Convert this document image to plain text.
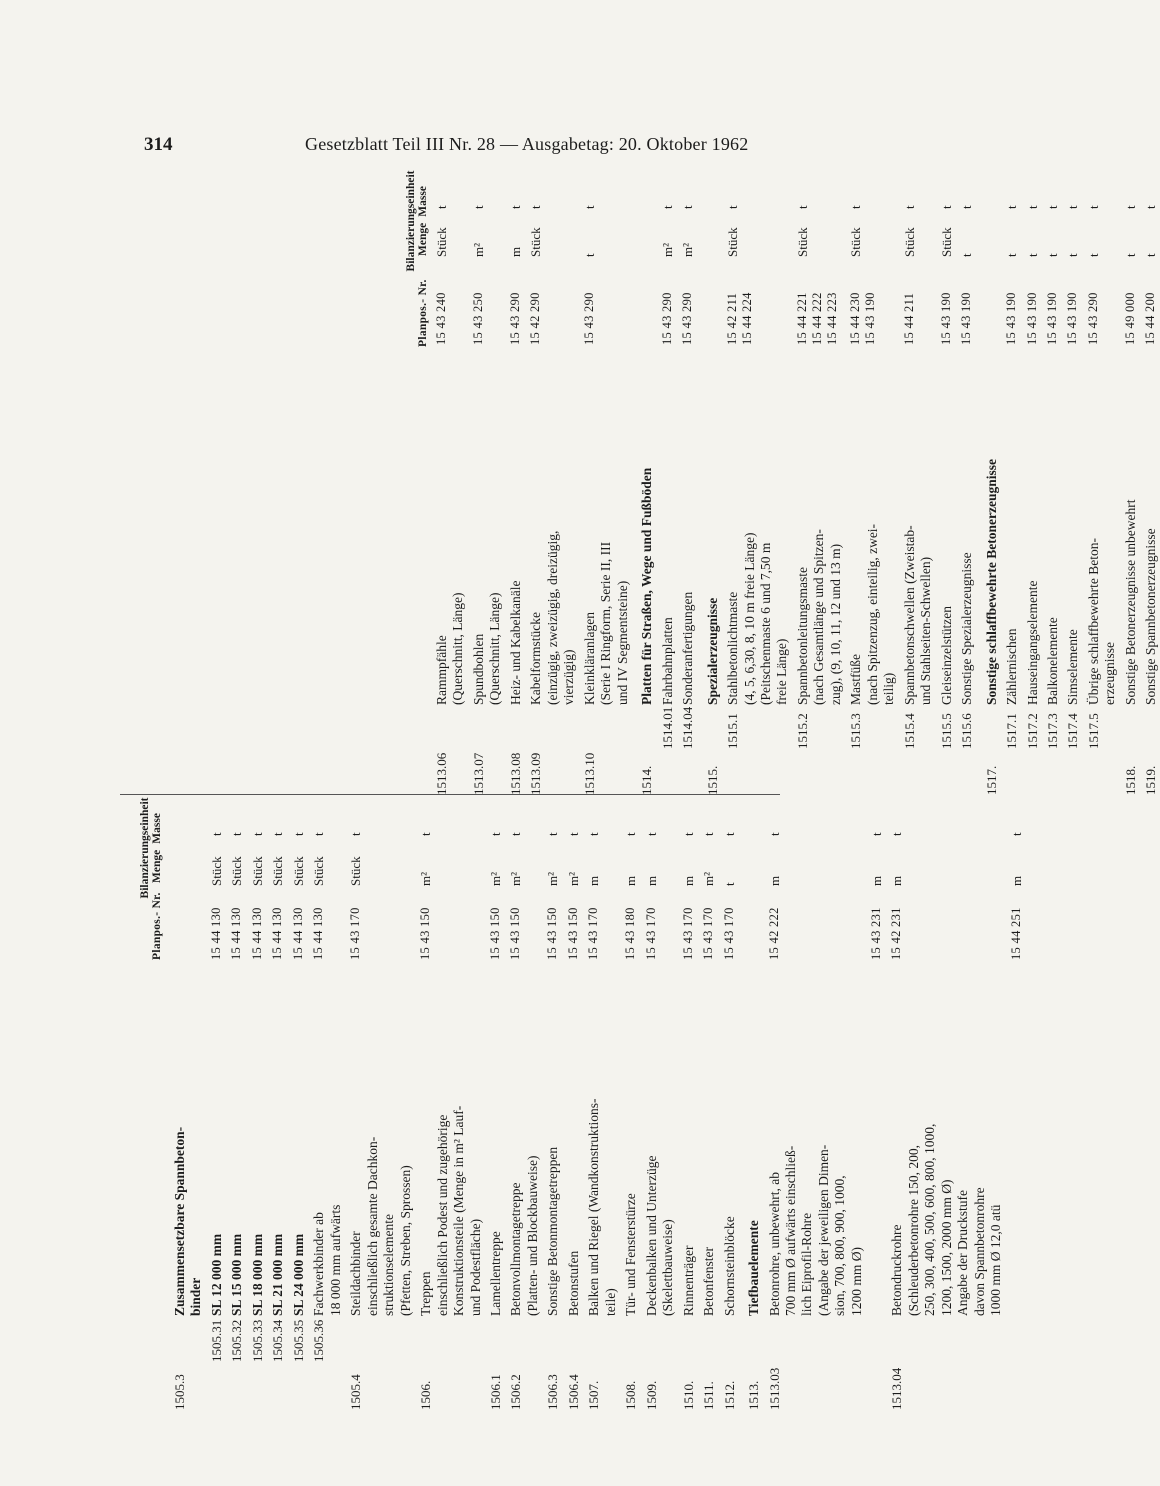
314	Gesetzblatt Teil III Nr. 28 — Ausgabetag: 20. Oktober 1962
Planpos.- Nr.
Bilanzierungseinheit Menge
Masse
1505.3
Zusammensetzbare Spannbeton- binder
1505.31
SL 12 000 mm
15 44 130
Stück
t
1505.32
SL 15 000 mm
15 44 130
Stück
t
1505.33
SL 18 000 mm
15 44 130
Stück
t
1505.34
SL 21 000 mm
15 44 130
Stück
t
1505.35
SL 24 000 mm
15 44 130
Stück
t
1505.36
Fachwerkbinder ab 18 000 mm aufwärts
15 44 130
Stück
t
1505.4
Steildachbinder einschließlich gesamte Dachkon- struktionselemente (Pfetten, Streben, Sprossen)
15 43 170
Stück
t
1506.
Treppen einschließlich Podest und zugehörige Konstruktionsteile (Menge in m² Lauf- und Podestfläche)
15 43 150
m²
t
1506.1
Lamellentreppe
15 43 150
m²
t
1506.2
Betonvollmontagetreppe (Platten- und Blockbauweise)
15 43 150
m²
t
1506.3
Sonstige Betonmontagetreppen
15 43 150
m²
t
1506.4
Betonstufen
15 43 150
m²
t
1507.
Balken und Riegel (Wandkonstruktions- teile)
15 43 170
m
t
1508.
Tür- und Fensterstürze
15 43 180
m
t
1509.
Deckenbalken und Unterzüge (Skelettbauweise)
15 43 170
m
t
1510.
Rinnenträger
15 43 170
m
t
1511.
Betonfenster
15 43 170
m²
t
1512.
Schornsteinblöcke
15 43 170
t
t
1513.
Tiefbauelemente
1513.03
Betonrohre, unbewehrt, ab 700 mm Ø aufwärts einschließ- lich Eiprofil-Rohre (Angabe der jeweiligen Dimen- sion, 700, 800, 900, 1000, 1200 mm Ø)
15 42 222
m
t
15 43 231
m
t
1513.04
Betondruckrohre (Schleuderbetonrohre 150, 200, 250, 300, 400, 500, 600, 800, 1000, 1200, 1500, 2000 mm Ø) Angabe der Druckstufe davon Spannbetonrohre 1000 mm Ø 12,0 atü
15 42 231
m
t
15 44 251
m
t
Planpos.- Nr.
Bilanzierungseinheit Menge
Masse
1513.06
Rammpfähle (Querschnitt, Länge)
15 43 240
Stück
t
1513.07
Spundbohlen (Querschnitt, Länge)
15 43 250
m²
t
1513.08
Heiz- und Kabelkanäle
15 43 290
m
t
1513.09
Kabelformstücke (einzügig, zweizügig, dreizügig, vierzügig)
15 42 290
Stück
t
1513.10
Kleinkläranlagen (Serie I Ringform, Serie II, III und IV Segmentsteine)
15 43 290
t
t
1514.
Platten für Straßen, Wege und Fußböden
1514.01
Fahrbahnplatten
15 43 290
m²
t
1514.04
Sonderanfertigungen
15 43 290
m²
t
1515.
Spezialerzeugnisse
1515.1
Stahlbetonlichtmaste (4, 5, 6,30, 8, 10 m freie Länge) (Peitschenmaste 6 und 7,50 m freie Länge)
15 42 211 15 44 224
Stück
t
1515.2
Spannbetonleitungsmaste (nach Gesamtlänge und Spitzen- zug), (9, 10, 11, 12 und 13 m)
15 44 221 15 44 222 15 44 223
Stück
t
1515.3
Mastfüße (nach Spitzenzug, einteilig, zwei- teilig)
15 44 230 15 43 190
Stück
t
1515.4
Spannbetonschwellen (Zweistab- und Stahlseiten-Schwellen)
15 44 211
Stück
t
1515.5
Gleiseinzelstützen
15 43 190
Stück
t
1515.6
Sonstige Spezialerzeugnisse
15 43 190
t
t
1517.
Sonstige schlaffbewehrte Betonerzeugnisse
1517.1
Zählernischen
15 43 190
t
t
1517.2
Hauseingangselemente
15 43 190
t
t
1517.3
Balkonelemente
15 43 190
t
t
1517.4
Simselemente
15 43 190
t
t
1517.5
Übrige schlaffbewehrte Beton- erzeugnisse
15 43 290
t
t
1518.
Sonstige Betonerzeugnisse unbewehrt
15 49 000
t
t
1519.
Sonstige Spannbetonerzeugnisse
15 44 200
t
t
